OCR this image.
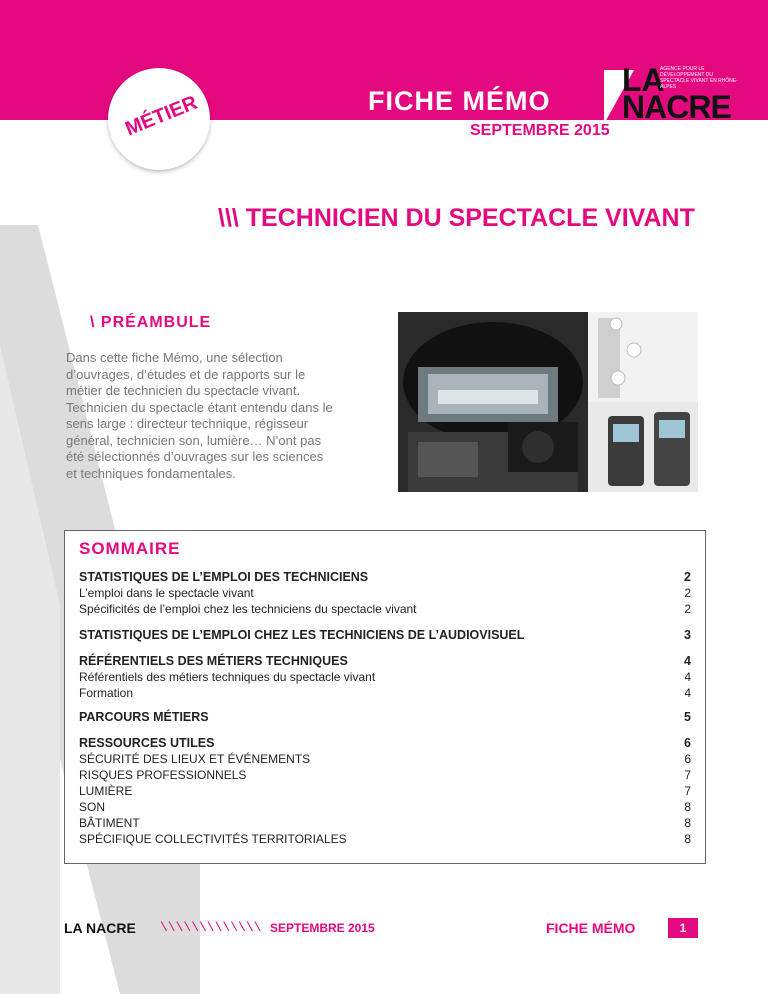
MÉTIER	FICHE MÉMO
SEPTEMBRE 2015
LA
NACRE
AGENCE POUR LE DÉVELOPPEMENT DU SPECTACLE VIVANT EN RHÔNE-ALPES
\\\ TECHNICIEN DU SPECTACLE VIVANT
\ PRÉAMBULE
Dans cette fiche Mémo, une sélection d’ouvrages, d’études et de rapports sur le métier de technicien du spectacle vivant. Technicien du spectacle étant entendu dans le sens large : directeur technique, régisseur général, technicien son, lumière… N’ont pas été sélectionnés d’ouvrages sur les sciences et techniques fondamentales.
SOMMAIRE
STATISTIQUES DE L’EMPLOI DES TECHNICIENS	2
L’emploi dans le spectacle vivant	2
Spécificités de l’emploi chez les techniciens du spectacle vivant	2
STATISTIQUES DE L’EMPLOI CHEZ LES TECHNICIENS DE L’AUDIOVISUEL	3
RÉFÉRENTIELS DES MÉTIERS TECHNIQUES	4
Référentiels des métiers techniques du spectacle vivant	4
Formation	4
PARCOURS MÉTIERS	5
RESSOURCES UTILES	6
SÉCURITÉ DES LIEUX ET ÉVÉNEMENTS	6
RISQUES PROFESSIONNELS	7
LUMIÈRE	7
SON	8
BÂTIMENT	8
SPÉCIFIQUE COLLECTIVITÉS TERRITORIALES	8
LA NACRE \\\\\\\\\\\\\ SEPTEMBRE 2015	FICHE MÉMO	1
